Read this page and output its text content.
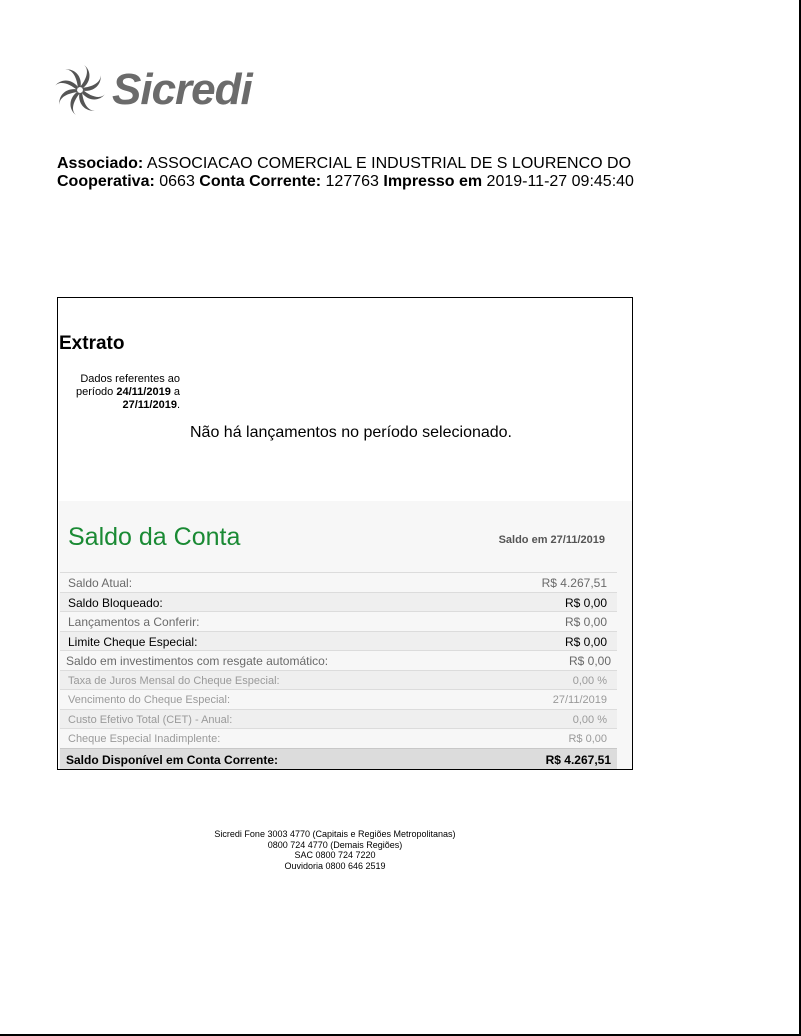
Sicredi
Associado: ASSOCIACAO COMERCIAL E INDUSTRIAL DE S LOURENCO DO
Cooperativa: 0663 Conta Corrente: 127763 Impresso em 2019-11-27 09:45:40
Extrato
Dados referentes ao período 24/11/2019 a 27/11/2019.
Não há lançamentos no período selecionado.
Saldo da Conta	Saldo em 27/11/2019
Saldo Atual:	R$ 4.267,51
Saldo Bloqueado:	R$ 0,00
Lançamentos a Conferir:	R$ 0,00
Limite Cheque Especial:	R$ 0,00
Saldo em investimentos com resgate automático:	R$ 0,00
Taxa de Juros Mensal do Cheque Especial:	0,00 %
Vencimento do Cheque Especial:	27/11/2019
Custo Efetivo Total (CET) - Anual:	0,00 %
Cheque Especial Inadimplente:	R$ 0,00
Saldo Disponível em Conta Corrente:	R$ 4.267,51
Sicredi Fone 3003 4770 (Capitais e Regiões Metropolitanas)
0800 724 4770 (Demais Regiões)
SAC 0800 724 7220
Ouvidoria 0800 646 2519
